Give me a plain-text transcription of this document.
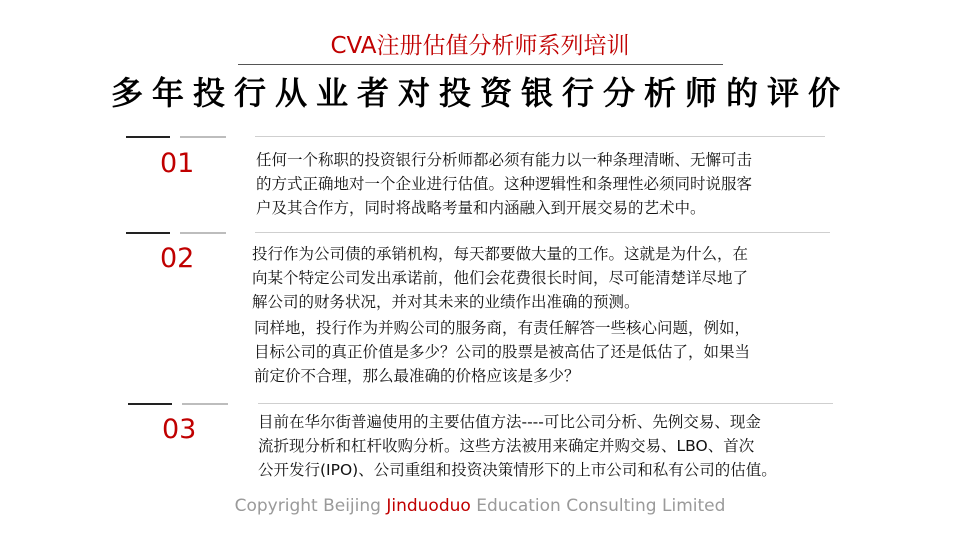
CVA注册估值分析师系列培训
多年投行从业者对投资银行分析师的评价
01	任何一个称职的投资银行分析师都必须有能力以一种条理清晰、无懈可击
的方式正确地对一个企业进行估值。这种逻辑性和条理性必须同时说服客
户及其合作方，同时将战略考量和内涵融入到开展交易的艺术中。

02	投行作为公司债的承销机构，每天都要做大量的工作。这就是为什么，在
向某个特定公司发出承诺前，他们会花费很长时间，尽可能清楚详尽地了
解公司的财务状况，并对其未来的业绩作出准确的预测。

同样地，投行作为并购公司的服务商，有责任解答一些核心问题，例如，
目标公司的真正价值是多少？公司的股票是被高估了还是低估了，如果当
前定价不合理，那么最准确的价格应该是多少？

03	目前在华尔街普遍使用的主要估值方法----可比公司分析、先例交易、现金
流折现分析和杠杆收购分析。这些方法被用来确定并购交易、LBO、首次
公开发行(IPO)、公司重组和投资决策情形下的上市公司和私有公司的估值。

Copyright Beijing Jinduoduo Education Consulting Limited
